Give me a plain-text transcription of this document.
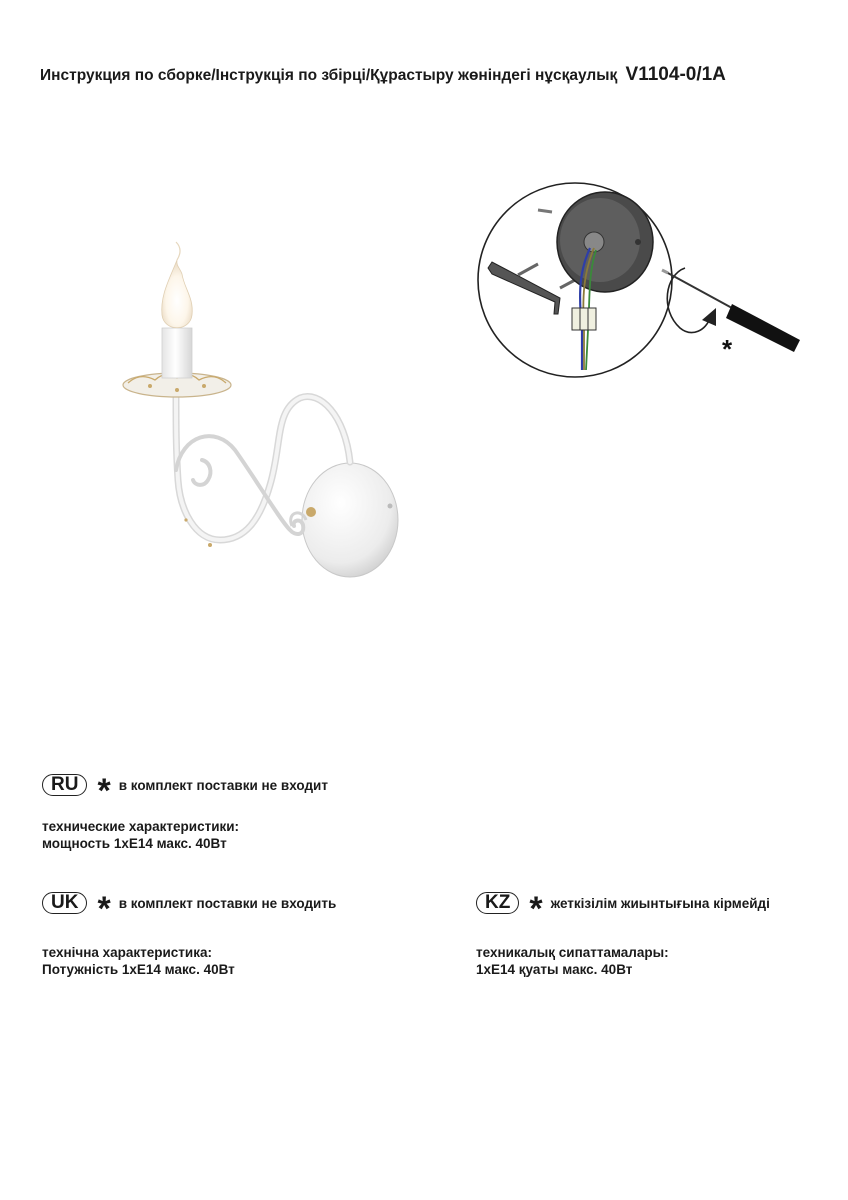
Инструкция по сборке/Інструкція по збірці/Құрастыру жөніндегі нұсқаулық V1104-0/1A
*
RU * в комплект поставки не входит
технические характеристики:
мощность 1хЕ14 макс. 40Вт
UK * в комплект поставки не входить
технічна характеристика:
Потужність 1хЕ14 макс. 40Вт
KZ * жеткізілім жиынтығына кірмейді
техникалық сипаттамалары:
1хЕ14 қуаты макс. 40Вт
